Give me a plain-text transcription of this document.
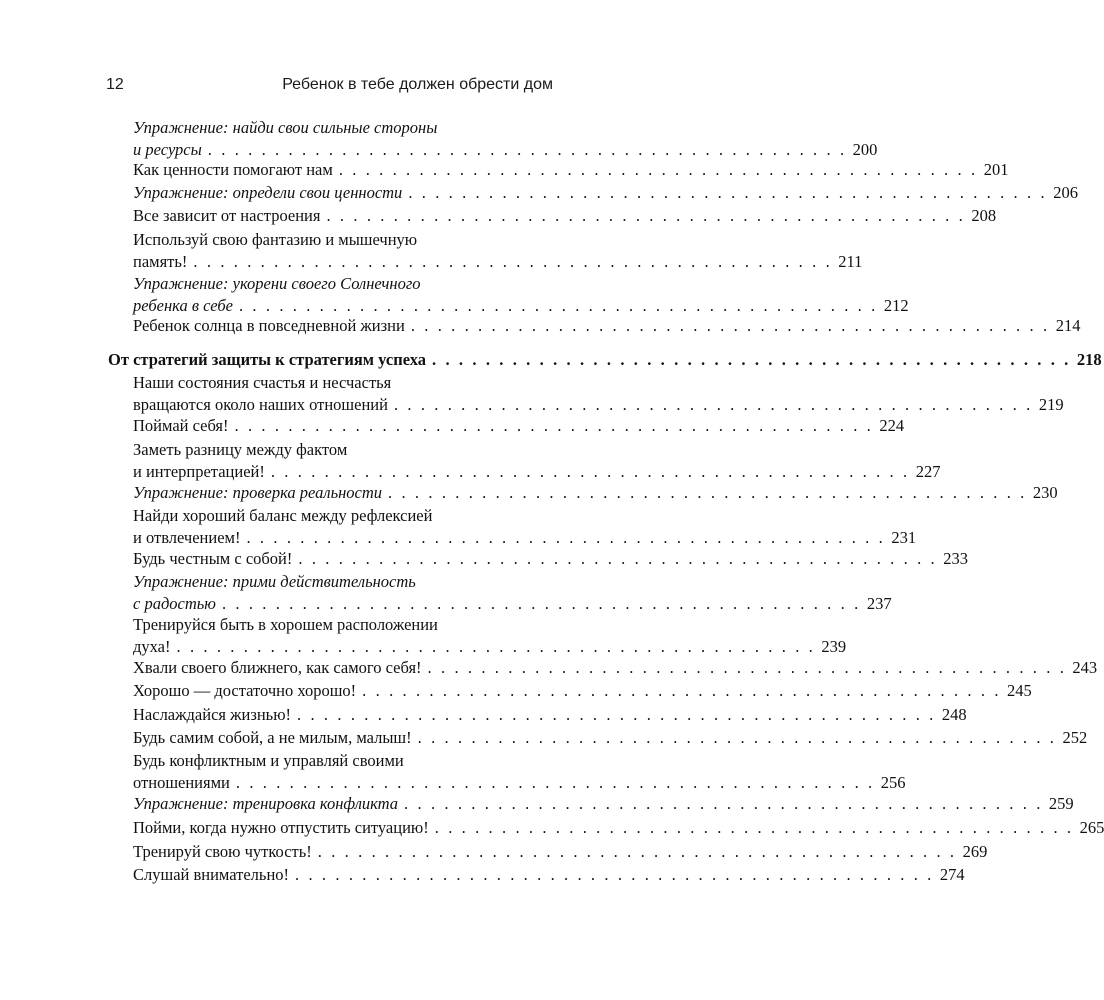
12	Ребенок в тебе должен обрести дом
Упражнение: найди свои сильные стороны
и ресурсы . . . . . . . . . . . . . . . . . . . . . . . . . . . . . . . . . . . . . . . . . . . . . . . . 200
Как ценности помогают нам . . . . . . . . . . . . . . . . . . . . . . . . . . . . . . . . . . . . . . . . . . . . . . . . 201
Упражнение: определи свои ценности . . . . . . . . . . . . . . . . . . . . . . . . . . . . . . . . . . . . . . . . . . . . . . . . 206
Все зависит от настроения . . . . . . . . . . . . . . . . . . . . . . . . . . . . . . . . . . . . . . . . . . . . . . . . 208
Используй свою фантазию и мышечную
память! . . . . . . . . . . . . . . . . . . . . . . . . . . . . . . . . . . . . . . . . . . . . . . . . 211
Упражнение: укорени своего Солнечного
ребенка в себе . . . . . . . . . . . . . . . . . . . . . . . . . . . . . . . . . . . . . . . . . . . . . . . . 212
Ребенок солнца в повседневной жизни . . . . . . . . . . . . . . . . . . . . . . . . . . . . . . . . . . . . . . . . . . . . . . . . 214
От стратегий защиты к стратегиям успеха . . . . . . . . . . . . . . . . . . . . . . . . . . . . . . . . . . . . . . . . . . . . . . . . 218
Наши состояния счастья и несчастья
вращаются около наших отношений . . . . . . . . . . . . . . . . . . . . . . . . . . . . . . . . . . . . . . . . . . . . . . . . 219
Поймай себя! . . . . . . . . . . . . . . . . . . . . . . . . . . . . . . . . . . . . . . . . . . . . . . . . 224
Заметь разницу между фактом
и интерпретацией! . . . . . . . . . . . . . . . . . . . . . . . . . . . . . . . . . . . . . . . . . . . . . . . . 227
Упражнение: проверка реальности . . . . . . . . . . . . . . . . . . . . . . . . . . . . . . . . . . . . . . . . . . . . . . . . 230
Найди хороший баланс между рефлексией
и отвлечением! . . . . . . . . . . . . . . . . . . . . . . . . . . . . . . . . . . . . . . . . . . . . . . . . 231
Будь честным с собой! . . . . . . . . . . . . . . . . . . . . . . . . . . . . . . . . . . . . . . . . . . . . . . . . 233
Упражнение: прими действительность
с радостью . . . . . . . . . . . . . . . . . . . . . . . . . . . . . . . . . . . . . . . . . . . . . . . . 237
Тренируйся быть в хорошем расположении
духа! . . . . . . . . . . . . . . . . . . . . . . . . . . . . . . . . . . . . . . . . . . . . . . . . 239
Хвали своего ближнего, как самого себя! . . . . . . . . . . . . . . . . . . . . . . . . . . . . . . . . . . . . . . . . . . . . . . . . 243
Хорошо — достаточно хорошо! . . . . . . . . . . . . . . . . . . . . . . . . . . . . . . . . . . . . . . . . . . . . . . . . 245
Наслаждайся жизнью! . . . . . . . . . . . . . . . . . . . . . . . . . . . . . . . . . . . . . . . . . . . . . . . . 248
Будь самим собой, а не милым, малыш! . . . . . . . . . . . . . . . . . . . . . . . . . . . . . . . . . . . . . . . . . . . . . . . . 252
Будь конфликтным и управляй своими
отношениями . . . . . . . . . . . . . . . . . . . . . . . . . . . . . . . . . . . . . . . . . . . . . . . . 256
Упражнение: тренировка конфликта . . . . . . . . . . . . . . . . . . . . . . . . . . . . . . . . . . . . . . . . . . . . . . . . 259
Пойми, когда нужно отпустить ситуацию! . . . . . . . . . . . . . . . . . . . . . . . . . . . . . . . . . . . . . . . . . . . . . . . . 265
Тренируй свою чуткость! . . . . . . . . . . . . . . . . . . . . . . . . . . . . . . . . . . . . . . . . . . . . . . . . 269
Слушай внимательно! . . . . . . . . . . . . . . . . . . . . . . . . . . . . . . . . . . . . . . . . . . . . . . . . 274
